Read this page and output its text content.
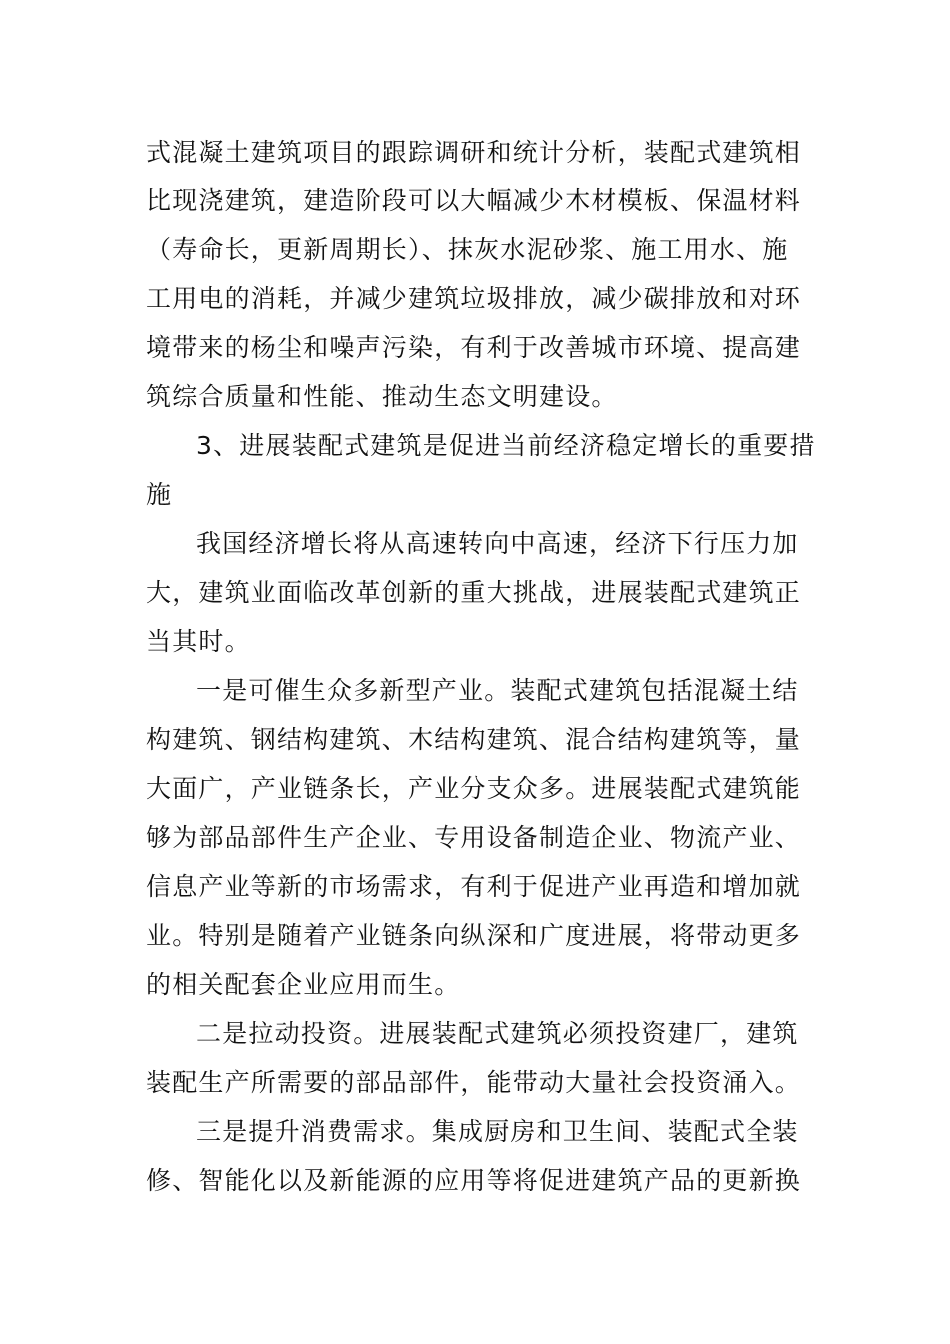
式混凝土建筑项目的跟踪调研和统计分析，装配式建筑相
比现浇建筑，建造阶段可以大幅减少木材模板、保温材料
（寿命长，更新周期长）、抹灰水泥砂浆、施工用水、施
工用电的消耗，并减少建筑垃圾排放，减少碳排放和对环
境带来的杨尘和噪声污染，有利于改善城市环境、提高建
筑综合质量和性能、推动生态文明建设。
3、进展装配式建筑是促进当前经济稳定增长的重要措
施
我国经济增长将从高速转向中高速，经济下行压力加
大，建筑业面临改革创新的重大挑战，进展装配式建筑正
当其时。
一是可催生众多新型产业。装配式建筑包括混凝土结
构建筑、钢结构建筑、木结构建筑、混合结构建筑等，量
大面广，产业链条长，产业分支众多。进展装配式建筑能
够为部品部件生产企业、专用设备制造企业、物流产业、
信息产业等新的市场需求，有利于促进产业再造和增加就
业。特别是随着产业链条向纵深和广度进展，将带动更多
的相关配套企业应用而生。
二是拉动投资。进展装配式建筑必须投资建厂，建筑
装配生产所需要的部品部件，能带动大量社会投资涌入。
三是提升消费需求。集成厨房和卫生间、装配式全装
修、智能化以及新能源的应用等将促进建筑产品的更新换
